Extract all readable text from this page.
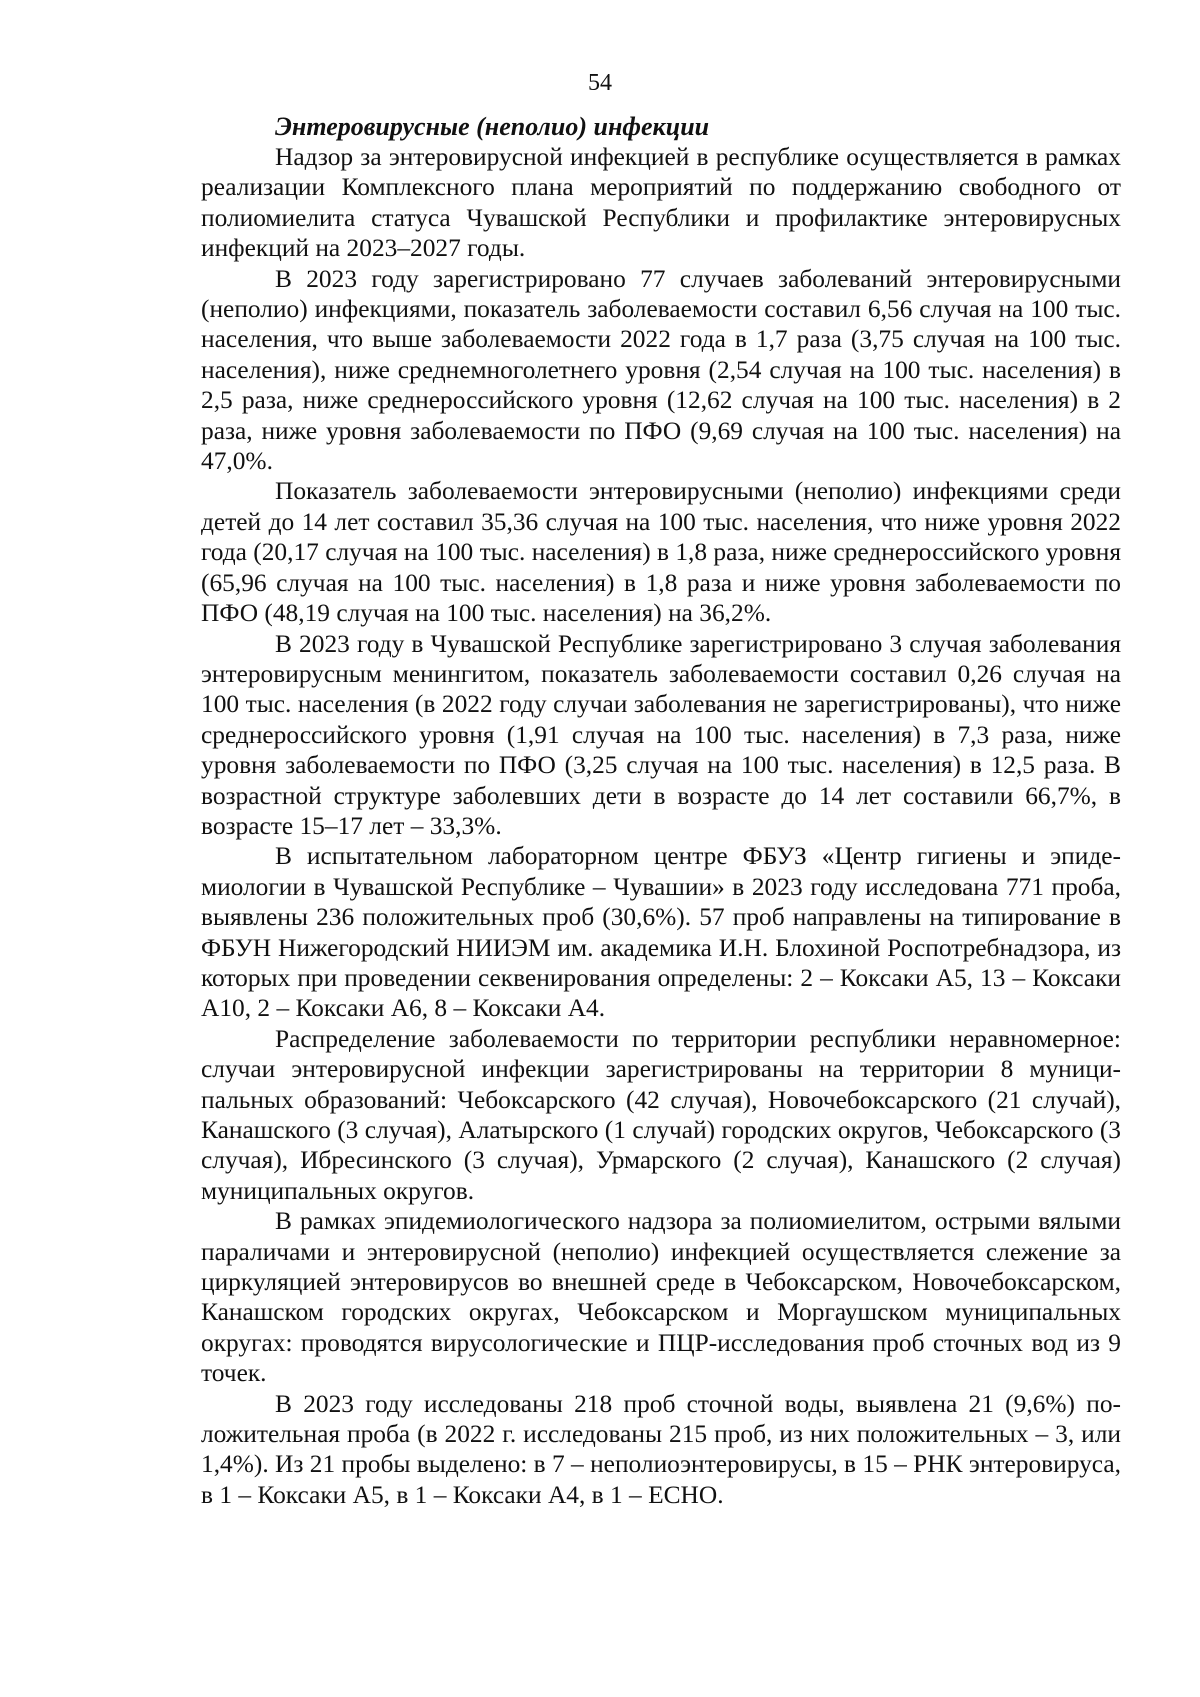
54

Энтеровирусные (неполио) инфекции

Надзор за энтеровирусной инфекцией в республике осуществляется в рамках реализации Комплексного плана мероприятий по поддержанию свободного от полиомиелита статуса Чувашской Республики и профилактике энтеровирусных инфекций на 2023–2027 годы.

В 2023 году зарегистрировано 77 случаев заболеваний энтеровирусными (неполио) инфекциями, показатель заболеваемости составил 6,56 случая на 100 тыс. населения, что выше заболеваемости 2022 года в 1,7 раза (3,75 случая на 100 тыс. населения), ниже среднемноголетнего уровня (2,54 случая на 100 тыс. населения) в 2,5 раза, ниже среднероссийского уровня (12,62 случая на 100 тыс. населения) в 2 раза, ниже уровня заболеваемости по ПФО (9,69 случая на 100 тыс. населения) на 47,0%.

Показатель заболеваемости энтеровирусными (неполио) инфекциями среди детей до 14 лет составил 35,36 случая на 100 тыс. населения, что ниже уровня 2022 года (20,17 случая на 100 тыс. населения) в 1,8 раза, ниже среднероссийского уровня (65,96 случая на 100 тыс. населения) в 1,8 раза и ниже уровня заболеваемости по ПФО (48,19 случая на 100 тыс. населения) на 36,2%.

В 2023 году в Чувашской Республике зарегистрировано 3 случая заболевания энтеровирусным менингитом, показатель заболеваемости составил 0,26 случая на 100 тыс. населения (в 2022 году случаи заболевания не зарегистрированы), что ниже среднероссийского уровня (1,91 случая на 100 тыс. населения) в 7,3 раза, ниже уровня заболеваемости по ПФО (3,25 случая на 100 тыс. населения) в 12,5 раза. В возрастной структуре заболевших дети в возрасте до 14 лет составили 66,7%, в возрасте 15–17 лет – 33,3%.

В испытательном лабораторном центре ФБУЗ «Центр гигиены и эпидемиологии в Чувашской Республике – Чувашии» в 2023 году исследована 771 проба, выявлены 236 положительных проб (30,6%). 57 проб направлены на типирование в ФБУН Нижегородский НИИЭМ им. академика И.Н. Блохиной Роспотребнадзора, из которых при проведении секвенирования определены: 2 – Коксаки А5, 13 – Коксаки А10, 2 – Коксаки А6, 8 – Коксаки А4.

Распределение заболеваемости по территории республики неравномерное: случаи энтеровирусной инфекции зарегистрированы на территории 8 муниципальных образований: Чебоксарского (42 случая), Новочебоксарского (21 случай), Канашского (3 случая), Алатырского (1 случай) городских округов, Чебоксарского (3 случая), Ибресинского (3 случая), Урмарского (2 случая), Канашского (2 случая) муниципальных округов.

В рамках эпидемиологического надзора за полиомиелитом, острыми вялыми параличами и энтеровирусной (неполио) инфекцией осуществляется слежение за циркуляцией энтеровирусов во внешней среде в Чебоксарском, Новочебоксарском, Канашском городских округах, Чебоксарском и Моргаушском муниципальных округах: проводятся вирусологические и ПЦР-исследования проб сточных вод из 9 точек.

В 2023 году исследованы 218 проб сточной воды, выявлена 21 (9,6%) положительная проба (в 2022 г. исследованы 215 проб, из них положительных – 3, или 1,4%). Из 21 пробы выделено: в 7 – неполиоэнтеровирусы, в 15 – РНК энтеровируса, в 1 – Коксаки А5, в 1 – Коксаки А4, в 1 – ECHO.
